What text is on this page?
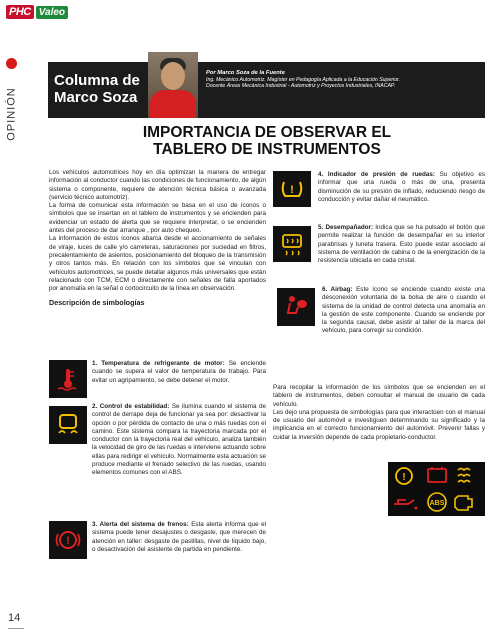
PHC Valeo
OPINIÓN
Columna de Marco Soza
Por Marco Soza de la Fuente
Ing. Mecánico Automotriz. Magíster en Pedagogía Aplicada a la Educación Superior.
Docente Áreas Mecánica Industrial - Automotriz y Proyectos Industriales, INACAP.
IMPORTANCIA DE OBSERVAR EL TABLERO DE INSTRUMENTOS

Los vehículos automotrices hoy en día optimizan la manera de entregar información al conductor cuando las condiciones de funcionamiento, de algún sistema o componente, requiere de atención técnica básica o avanzada (servicio técnico automotriz).

La forma de comunicar esta información se basa en el uso de íconos o símbolos que se insertan en el tablero de instrumentos y se encienden para evidenciar un estado de alerta que se requiere interpretar, o se encienden antes del proceso de dar arranque , por auto chequeo.

La información de estos íconos abarca desde el accionamiento de señales de viraje, luces de calle y/o carreteras, saturaciones por suciedad en filtros, precalentamiento de asientos, posicionamiento del bloqueo de la transmisión y otros tantos más. En relación con los símbolos que se vinculan con vehículos automotrices, se puede detallar algunos más universales que están relacionado con TCM, ECM o directamente con señales de falla aportados por anomalía en la señal o cortocircuito de la línea en observación.

Descripción de simbologías
1. Temperatura de refrigerante de motor: Se enciende cuando se supera el valor de temperatura de trabajo. Para evitar un agripamiento, se debe detener el motor.
2. Control de estabilidad: Se ilumina cuando el sistema de control de derrape deja de funcionar ya sea por: desactivar la opción o por pérdida de contacto de una o más ruedas con el camino. Este sistema compara la trayectoria marcada por el conductor con la trayectoria real del vehículo, analiza también la velocidad de giro de las ruedas e interviene actuando sobre ellas para redirigir el vehículo. Normalmente esta actuación se produce mediante el frenado selectivo de las ruedas, usando elementos comunes con el ABS.
!
3. Alerta del sistema de frenos: Esta alerta informa que el sistema puede tener desajustes o desgaste, que merecen de atención en taller: desgaste de pastillas, nivel de líquido bajo, o desactivación del asistente de partida en pendiente.
!
4. Indicador de presión de ruedas: Su objetivo es informar que una rueda o más de una, presenta disminución de su presión de inflado, reduciendo riesgo de conducción y evitar dañar el neumático.
5. Desempañador: Indica que se ha pulsado el botón que permite realizar la función de desempañar en su interior parabrisas y luneta trasera. Esto puede estar asociado al sistema de ventilación de cabina o de la energización de la resistencia ubicada en cada cristal.
6. Airbag: Este ícono se enciende cuando existe una desconexión voluntaria de la bolsa de aire o cuando el sistema de la unidad de control detecta una anomalía en la gestión de este componente. Cuando se enciende por la segunda causal, debe asistir al taller de la marca del vehículo, para corregir su condición.

Para recopilar la información de los símbolos que se encienden en el tablero de instrumentos, deben consultar el manual de usuario de cada vehículo.

Les dejo una propuesta de simbologías para que interactúen con el manual de usuario del automóvil e investiguen determinando su significado y la implicancia en el correcto funcionamiento del automóvil. Prevenir fallas y cuidar la inversión depende de cada propietario-conductor.

!
ABS
14
